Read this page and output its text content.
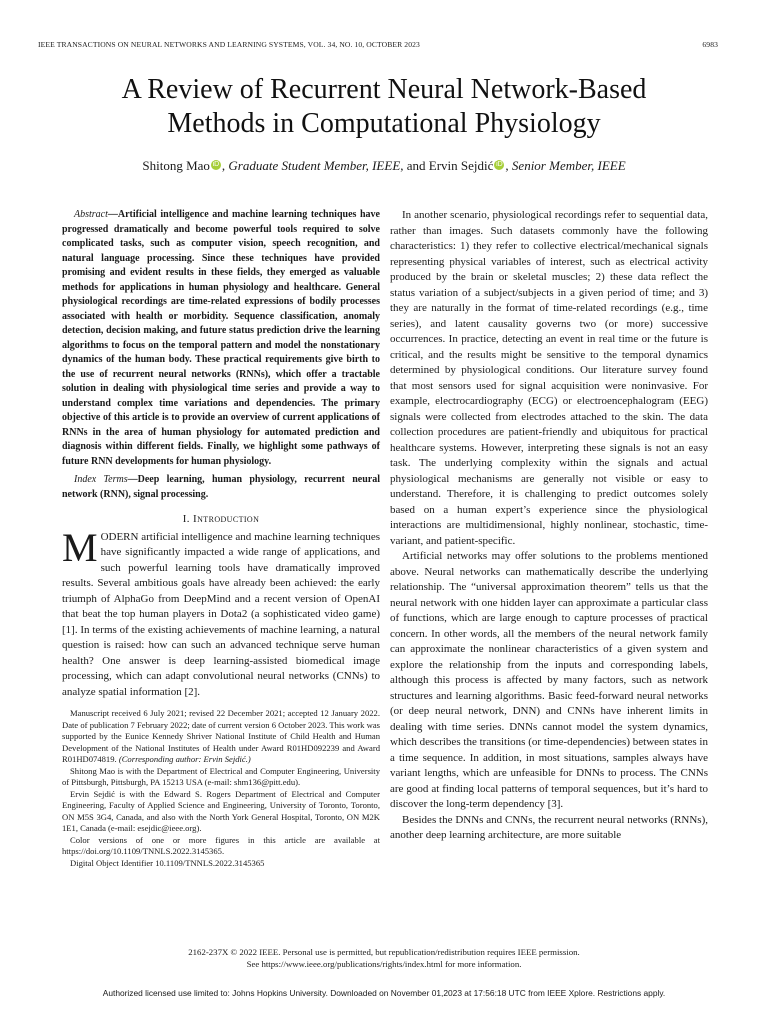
IEEE TRANSACTIONS ON NEURAL NETWORKS AND LEARNING SYSTEMS, VOL. 34, NO. 10, OCTOBER 2023	6983
A Review of Recurrent Neural Network-Based
Methods in Computational Physiology
Shitong Mao iD , Graduate Student Member, IEEE, and Ervin Sejdić iD , Senior Member, IEEE

Abstract—Artificial intelligence and machine learning techniques have progressed dramatically and become powerful tools required to solve complicated tasks, such as computer vision, speech recognition, and natural language processing. Since these techniques have provided promising and evident results in these fields, they emerged as valuable methods for applications in human physiology and healthcare. General physiological recordings are time-related expressions of bodily processes associated with health or morbidity. Sequence classification, anomaly detection, decision making, and future status prediction drive the learning algorithms to focus on the temporal pattern and model the nonstationary dynamics of the human body. These practical requirements give birth to the use of recurrent neural networks (RNNs), which offer a tractable solution in dealing with physiological time series and provide a way to understand complex time variations and dependencies. The primary objective of this article is to provide an overview of current applications of RNNs in the area of human physiology for automated prediction and diagnosis within different fields. Finally, we highlight some pathways of future RNN developments for human physiology.

Index Terms—Deep learning, human physiology, recurrent neural network (RNN), signal processing.

I. Introduction

MODERN artificial intelligence and machine learning techniques have significantly impacted a wide range of applications, and such powerful learning tools have dramatically improved results. Several ambitious goals have already been achieved: the early triumph of AlphaGo from DeepMind and a recent version of OpenAI that beat the top human players in Dota2 (a sophisticated video game) [1]. In terms of the existing achievements of machine learning, a natural question is raised: how can such an advanced technique serve human health? One answer is deep learning-assisted biomedical image processing, which can adapt convolutional neural networks (CNNs) to analyze spatial information [2].

Manuscript received 6 July 2021; revised 22 December 2021; accepted 12 January 2022. Date of publication 7 February 2022; date of current version 6 October 2023. This work was supported by the Eunice Kennedy Shriver National Institute of Child Health and Human Development of the National Institutes of Health under Award R01HD092239 and Award R01HD074819. (Corresponding author: Ervin Sejdić.)

Shitong Mao is with the Department of Electrical and Computer Engineering, University of Pittsburgh, Pittsburgh, PA 15213 USA (e-mail: shm136@pitt.edu).

Ervin Sejdić is with the Edward S. Rogers Department of Electrical and Computer Engineering, Faculty of Applied Science and Engineering, University of Toronto, Toronto, ON M5S 3G4, Canada, and also with the North York General Hospital, Toronto, ON M2K 1E1, Canada (e-mail: esejdic@ieee.org).

Color versions of one or more figures in this article are available at https://doi.org/10.1109/TNNLS.2022.3145365.

Digital Object Identifier 10.1109/TNNLS.2022.3145365

In another scenario, physiological recordings refer to sequential data, rather than images. Such datasets commonly have the following characteristics: 1) they refer to collective electrical/mechanical signals representing physical variables of interest, such as electrical activity produced by the brain or skeletal muscles; 2) these data reflect the status variation of a subject/subjects in a given period of time; and 3) they are naturally in the format of time-related recordings (e.g., time series), and latent causality governs two (or more) successive occurrences. In practice, detecting an event in real time or the future is critical, and the results might be sensitive to the temporal dynamics determined by physiological conditions. Our literature survey found that most sensors used for signal acquisition were noninvasive. For example, electrocardiography (ECG) or electroencephalogram (EEG) signals were collected from electrodes attached to the skin. The data collection procedures are patient-friendly and ubiquitous for practical healthcare systems. However, interpreting these signals is not an easy task. The underlying complexity within the signals and actual physiological mechanisms are generally not visible or easy to understand. Therefore, it is challenging to predict outcomes solely based on a human expert’s experience since the physiological interactions are multidimensional, highly nonlinear, stochastic, time-variant, and patient-specific.

Artificial networks may offer solutions to the problems mentioned above. Neural networks can mathematically describe the underlying relationship. The “universal approximation theorem” tells us that the neural network with one hidden layer can approximate a particular class of functions, which are large enough to capture processes of practical concern. In other words, all the members of the neural network family can approximate the nonlinear characteristics of a given system and explore the relationship from the inputs and corresponding labels, although this process is affected by many factors, such as network structures and learning algorithms. Basic feed-forward neural networks (or deep neural network, DNN) and CNNs have inherent limits in dealing with time series. DNNs cannot model the system dynamics, which describes the transitions (or time-dependencies) between states in a time sequence. In addition, in most situations, samples always have variant lengths, which are unfeasible for DNNs to process. The CNNs are good at finding local patterns of temporal sequences, but it’s hard to discover the long-term dependency [3].

Besides the DNNs and CNNs, the recurrent neural networks (RNNs), another deep learning architecture, are more suitable

2162-237X © 2022 IEEE. Personal use is permitted, but republication/redistribution requires IEEE permission.
See https://www.ieee.org/publications/rights/index.html for more information.
Authorized licensed use limited to: Johns Hopkins University. Downloaded on November 01,2023 at 17:56:18 UTC from IEEE Xplore. Restrictions apply.
